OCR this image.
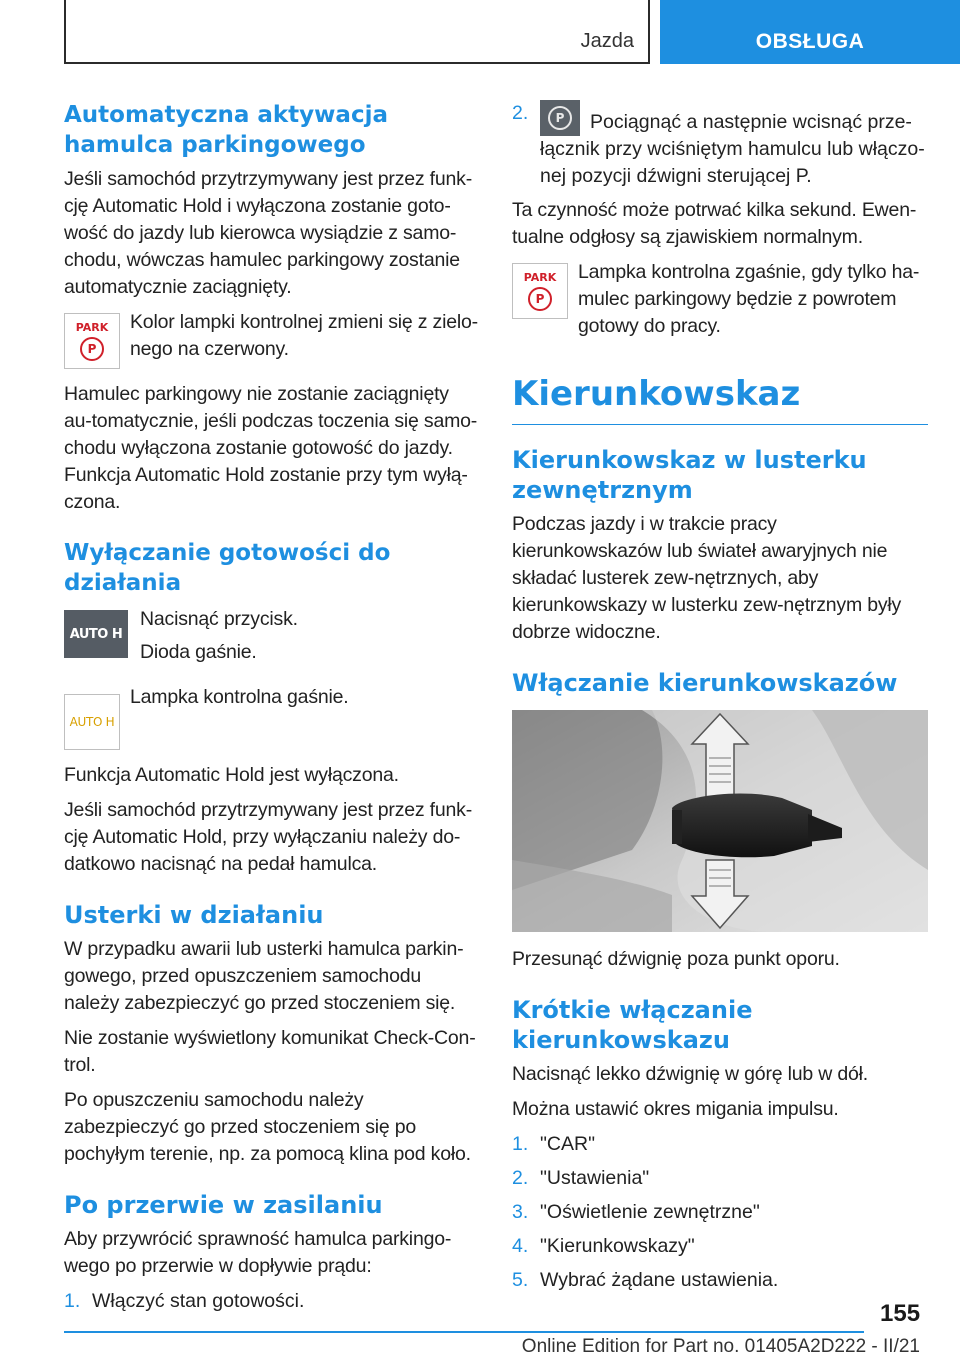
Jazda	OBSŁUGA
Automatyczna aktywacja hamulca parkingowego

Jeśli samochód przytrzymywany jest przez funk-cję Automatic Hold i wyłączona zostanie goto-wość do jazdy lub kierowca wysiądzie z samo-chodu, wówczas hamulec parkingowy zostanie automatycznie zaciągnięty.

PARK
P

Kolor lampki kontrolnej zmieni się z zielo-nego na czerwony.

Hamulec parkingowy nie zostanie zaciągnięty au-tomatycznie, jeśli podczas toczenia się samo-chodu wyłączona zostanie gotowość do jazdy. Funkcja Automatic Hold zostanie przy tym wyłą-czona.

Wyłączanie gotowości do działania
AUTO H

Nacisnąć przycisk.

Dioda gaśnie.

AUTO H

Lampka kontrolna gaśnie.

Funkcja Automatic Hold jest wyłączona.

Jeśli samochód przytrzymywany jest przez funk-cję Automatic Hold, przy wyłączaniu należy do-datkowo nacisnąć na pedał hamulca.

Usterki w działaniu

W przypadku awarii lub usterki hamulca parkin-gowego, przed opuszczeniem samochodu należy zabezpieczyć go przed stoczeniem się.

Nie zostanie wyświetlony komunikat Check-Con-trol.

Po opuszczeniu samochodu należy zabezpieczyć go przed stoczeniem się po pochyłym terenie, np. za pomocą klina pod koło.

Po przerwie w zasilaniu

Aby przywrócić sprawność hamulca parkingo-wego po przerwie w dopływie prądu:

1. Włączyć stan gotowości.
2.	P	Pociągnąć a następnie wcisnąć prze-łącznik przy wciśniętym hamulcu lub włączo-nej pozycji dźwigni sterującej P.

Ta czynność może potrwać kilka sekund. Ewen-tualne odgłosy są zjawiskiem normalnym.

PARK
P

Lampka kontrolna zgaśnie, gdy tylko ha-mulec parkingowy będzie z powrotem gotowy do pracy.

Kierunkowskaz
Kierunkowskaz w lusterku zewnętrznym

Podczas jazdy i w trakcie pracy kierunkowskazów lub świateł awaryjnych nie składać lusterek zew-nętrznych, aby kierunkowskazy w lusterku zew-nętrznym były dobrze widoczne.

Włączanie kierunkowskazów

Przesunąć dźwignię poza punkt oporu.

Krótkie włączanie kierunkowskazu

Nacisnąć lekko dźwignię w górę lub w dół.

Można ustawić okres migania impulsu.

1. "CAR"
2. "Ustawienia"
3. "Oświetlenie zewnętrzne"
4. "Kierunkowskazy"
5. Wybrać żądane ustawienia.
155
Online Edition for Part no. 01405A2D222 - II/21
